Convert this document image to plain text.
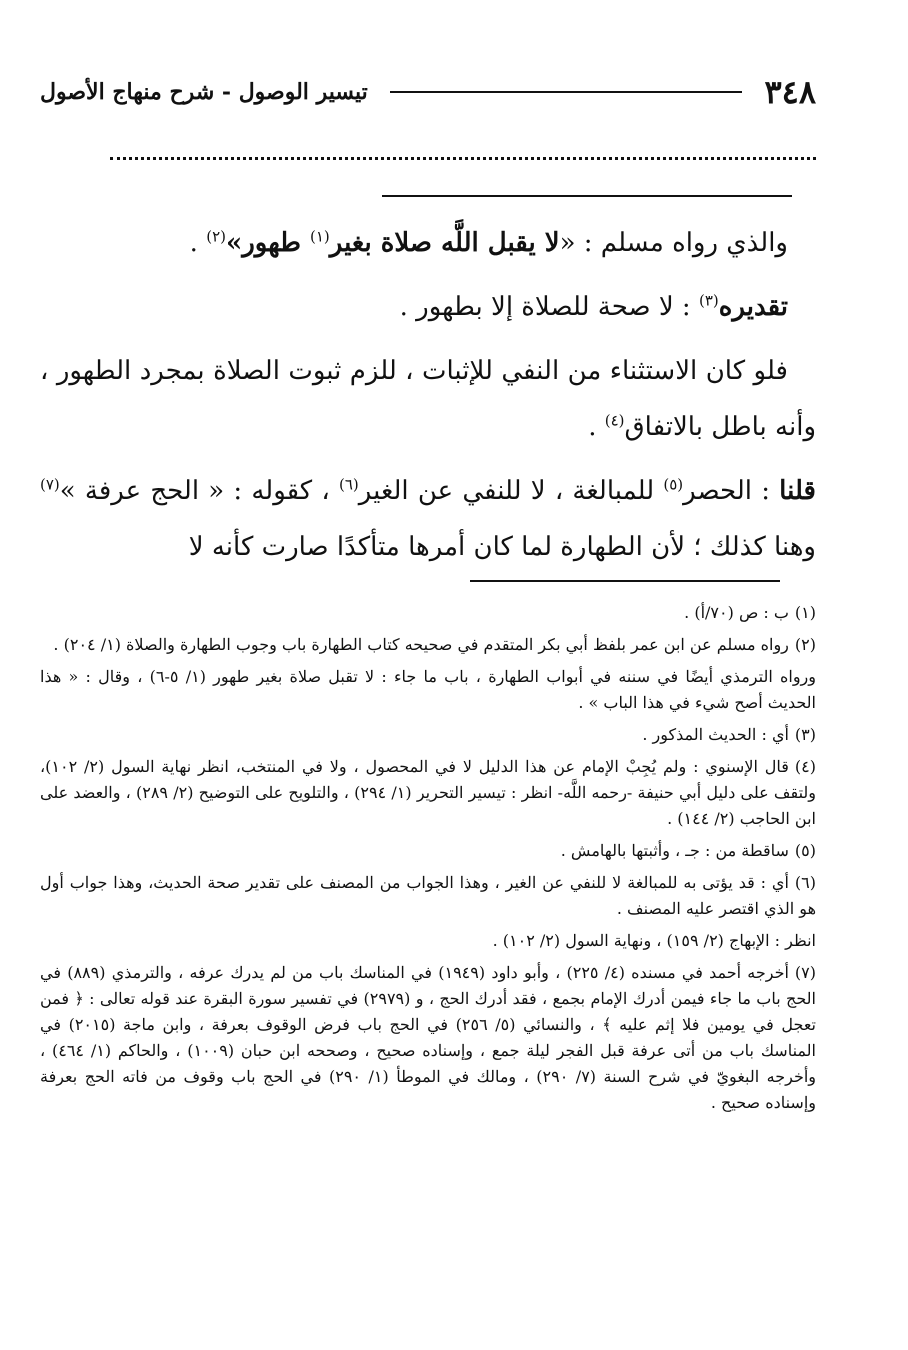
٣٤٨
تيسير الوصول - شرح منهاج الأصول

والذي رواه مسلم : «لا يقبل اللَّه صلاة بغير$^{(١)}$ طهور»$^{(٢)}$ .

تقديره$^{(٣)}$ : لا صحة للصلاة إلا بطهور .

فلو كان الاستثناء من النفي للإثبات ، للزم ثبوت الصلاة بمجرد الطهور ، وأنه باطل بالاتفاق$^{(٤)}$ .

قلنا : الحصر$^{(٥)}$ للمبالغة ، لا للنفي عن الغير$^{(٦)}$ ، كقوله : « الحج عرفة »$^{(٧)}$ وهنا كذلك ؛ لأن الطهارة لما كان أمرها متأكدًا صارت كأنه لا

(١)ب : ص (٧٠/أ) .

(٢)رواه مسلم عن ابن عمر بلفظ أبي بكر المتقدم في صحيحه كتاب الطهارة باب وجوب الطهارة والصلاة (١/ ٢٠٤) .

ورواه الترمذي أيضًا في سننه في أبواب الطهارة ، باب ما جاء : لا تقبل صلاة بغير طهور (١/ ٥-٦) ، وقال : « هذا الحديث أصح شيء في هذا الباب » .

(٣)أي : الحديث المذكور .

(٤)قال الإسنوي : ولم يُجِبْ الإمام عن هذا الدليل لا في المحصول ، ولا في المنتخب، انظر نهاية السول (٢/ ١٠٢)، ولتقف على دليل أبي حنيفة -رحمه اللَّه- انظر : تيسير التحرير (١/ ٢٩٤) ، والتلويح على التوضيح (٢/ ٢٨٩) ، والعضد على ابن الحاجب (٢/ ١٤٤) .

(٥)ساقطة من : جـ ، وأثبتها بالهامش .

(٦)أي : قد يؤتى به للمبالغة لا للنفي عن الغير ، وهذا الجواب من المصنف على تقدير صحة الحديث، وهذا جواب أول هو الذي اقتصر عليه المصنف .

انظر : الإبهاج (٢/ ١٥٩) ، ونهاية السول (٢/ ١٠٢) .

(٧)أخرجه أحمد في مسنده (٤/ ٢٢٥) ، وأبو داود (١٩٤٩) في المناسك باب من لم يدرك عرفه ، والترمذي (٨٨٩) في الحج باب ما جاء فيمن أدرك الإمام بجمع ، فقد أدرك الحج ، و (٢٩٧٩) في تفسير سورة البقرة عند قوله تعالى : ﴿ فمن تعجل في يومين فلا إثم عليه ﴾ ، والنسائي (٥/ ٢٥٦) في الحج باب فرض الوقوف بعرفة ، وابن ماجة (٢٠١٥) في المناسك باب من أتى عرفة قبل الفجر ليلة جمع ، وإسناده صحيح ، وصححه ابن حبان (١٠٠٩) ، والحاكم (١/ ٤٦٤) ، وأخرجه البغويّ في شرح السنة (٧/ ٢٩٠) ، ومالك في الموطأ (١/ ٢٩٠) في الحج باب وقوف من فاته الحج بعرفة وإسناده صحيح .
